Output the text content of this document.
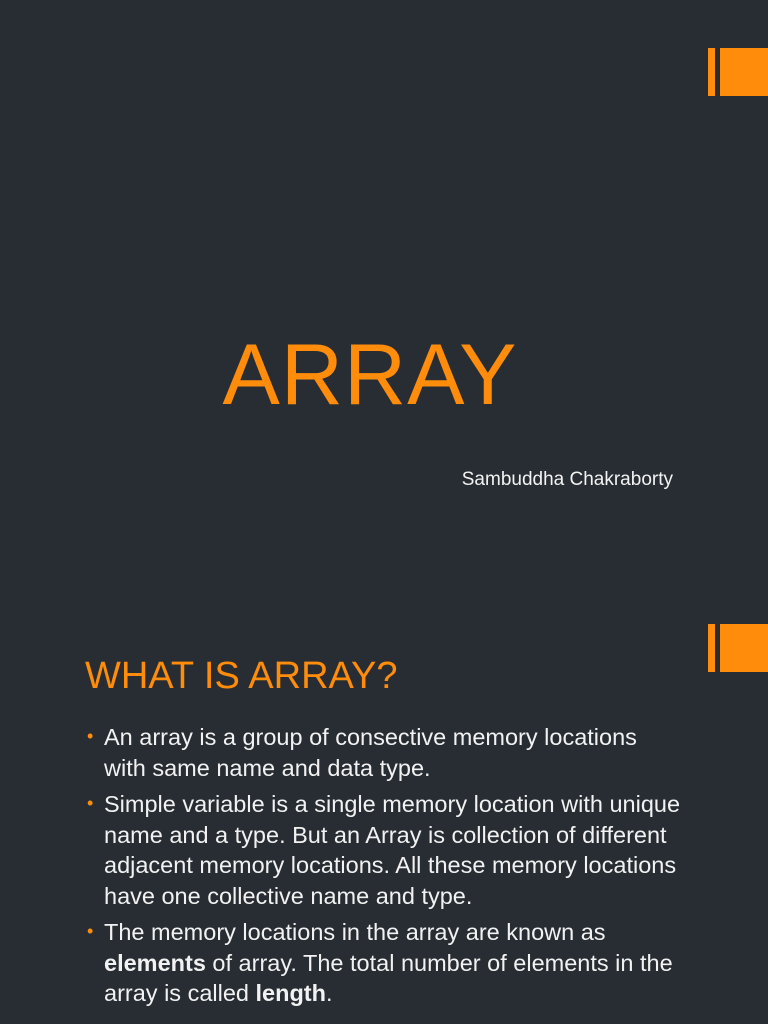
ARRAY
Sambuddha Chakraborty
WHAT IS ARRAY?
• An array is a group of consective memory locations with same name and data type.
• Simple variable is a single memory location with unique name and a type. But an Array is collection of different adjacent memory locations. All these memory locations have one collective name and type.
• The memory locations in the array are known as elements of array. The total number of elements in the array is called length.
